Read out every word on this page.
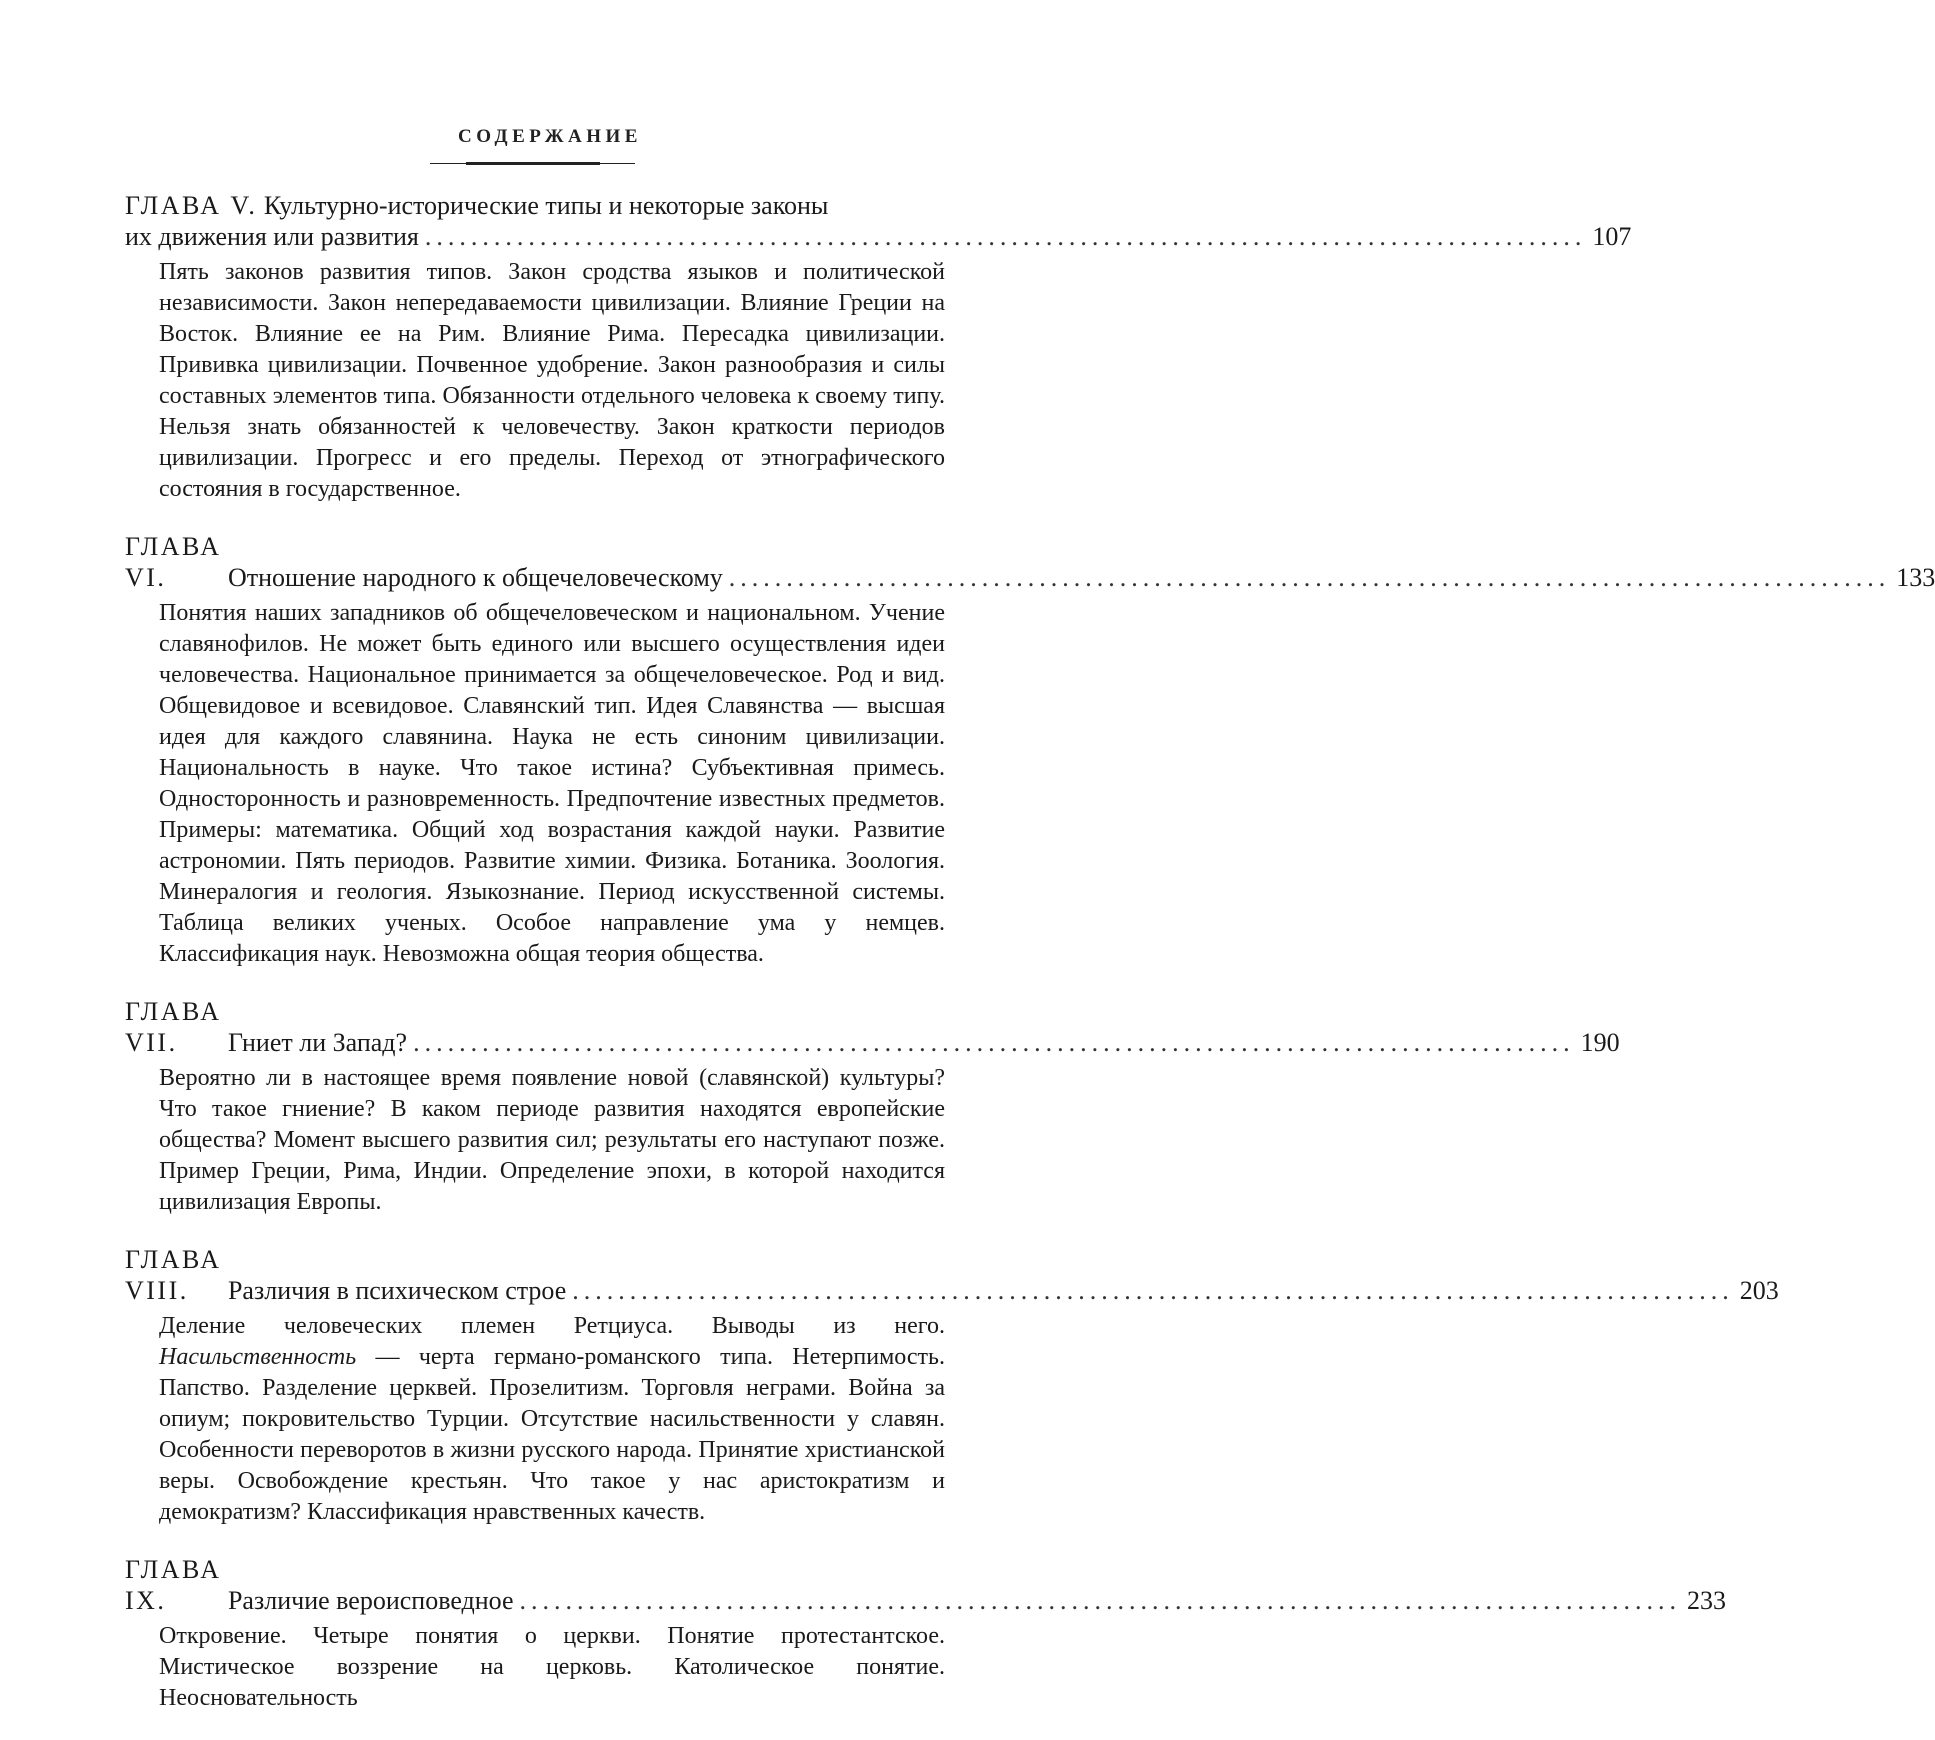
СОДЕРЖАНИЕ
ГЛАВА V.
Культурно-исторические типы и некоторые законы
их движения или развития ..................................................................................................... 107
Пять законов развития типов. Закон сродства языков и политической независимости. Закон непередаваемости цивилизации. Влияние Греции на Восток. Влияние ее на Рим. Влияние Рима. Пересадка цивилизации. Прививка цивилизации. Почвенное удобрение. Закон разнообразия и силы составных элементов типа. Обязанности отдельного человека к своему типу. Нельзя знать обязанностей к человечеству. Закон краткости периодов цивилизации. Прогресс и его пределы. Переход от этнографического состояния в государственное.
ГЛАВА VI.
	Отношение народного к общечеловеческому ..................................................................................................... 133
Понятия наших западников об общечеловеческом и национальном. Учение славянофилов. Не может быть единого или высшего осуществления идеи человечества. Национальное принимается за общечеловеческое. Род и вид. Общевидовое и всевидовое. Славянский тип. Идея Славянства — высшая идея для каждого славянина. Наука не есть синоним цивилизации. Национальность в науке. Что такое истина? Субъективная примесь. Односторонность и разновременность. Предпочтение известных предметов. Примеры: математика. Общий ход возрастания каждой науки. Развитие астрономии. Пять периодов. Развитие химии. Физика. Ботаника. Зоология. Минералогия и геология. Языкознание. Период искусственной системы. Таблица великих ученых. Особое направление ума у немцев. Классификация наук. Невозможна общая теория общества.
ГЛАВА VII.
	Гниет ли Запад? ..................................................................................................... 190
Вероятно ли в настоящее время появление новой (славянской) культуры? Что такое гниение? В каком периоде развития находятся европейские общества? Момент высшего развития сил; результаты его наступают позже. Пример Греции, Рима, Индии. Определение эпохи, в которой находится цивилизация Европы.
ГЛАВА VIII.
	Различия в психическом строе ..................................................................................................... 203
Деление человеческих племен Ретциуса. Выводы из него. Насильственность — черта германо-романского типа. Нетерпимость. Папство. Разделение церквей. Прозелитизм. Торговля неграми. Война за опиум; покровительство Турции. Отсутствие насильственности у славян. Особенности переворотов в жизни русского народа. Принятие христианской веры. Освобождение крестьян. Что такое у нас аристократизм и демократизм? Классификация нравственных качеств.
ГЛАВА IX.
	Различие вероисповедное ..................................................................................................... 233
Откровение. Четыре понятия о церкви. Понятие протестантское. Мистическое воззрение на церковь. Католическое понятие. Неосновательность
